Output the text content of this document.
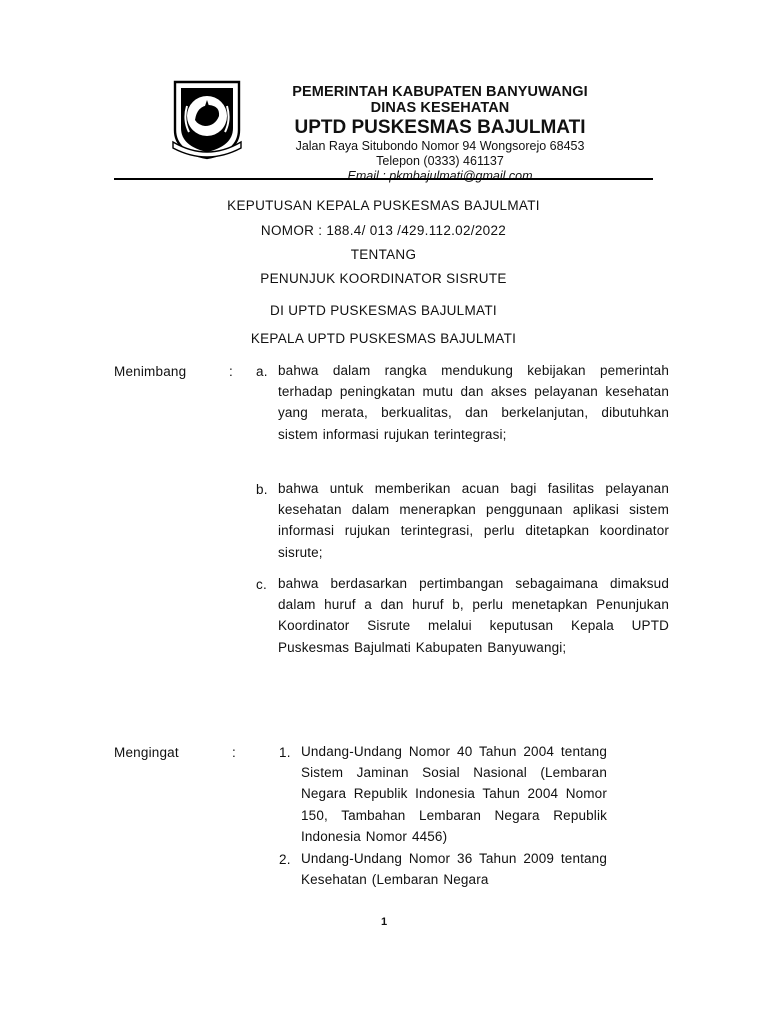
PEMERINTAH KABUPATEN BANYUWANGI
DINAS KESEHATAN
UPTD PUSKESMAS BAJULMATI
Jalan Raya Situbondo Nomor 94 Wongsorejo 68453
Telepon (0333) 461137
Email : pkmbajulmati@gmail.com
KEPUTUSAN KEPALA PUSKESMAS BAJULMATI
NOMOR : 188.4/ 013 /429.112.02/2022
TENTANG
PENUNJUK KOORDINATOR SISRUTE
DI UPTD PUSKESMAS BAJULMATI
KEPALA UPTD PUSKESMAS BAJULMATI
Menimbang	: a. bahwa dalam rangka mendukung kebijakan pemerintah terhadap peningkatan mutu dan akses pelayanan kesehatan yang merata, berkualitas, dan berkelanjutan, dibutuhkan sistem informasi rujukan terintegrasi;
b. bahwa untuk memberikan acuan bagi fasilitas pelayanan kesehatan dalam menerapkan penggunaan aplikasi sistem informasi rujukan terintegrasi, perlu ditetapkan koordinator sisrute;
c. bahwa berdasarkan pertimbangan sebagaimana dimaksud dalam huruf a dan huruf b, perlu menetapkan Penunjukan Koordinator Sisrute melalui keputusan Kepala UPTD Puskesmas Bajulmati Kabupaten Banyuwangi;
Mengingat	:	1. Undang-Undang Nomor 40 Tahun 2004 tentang Sistem Jaminan Sosial Nasional (Lembaran Negara Republik Indonesia Tahun 2004 Nomor 150, Tambahan Lembaran Negara Republik Indonesia Nomor 4456)
2. Undang-Undang Nomor 36 Tahun 2009 tentang Kesehatan (Lembaran Negara
1
